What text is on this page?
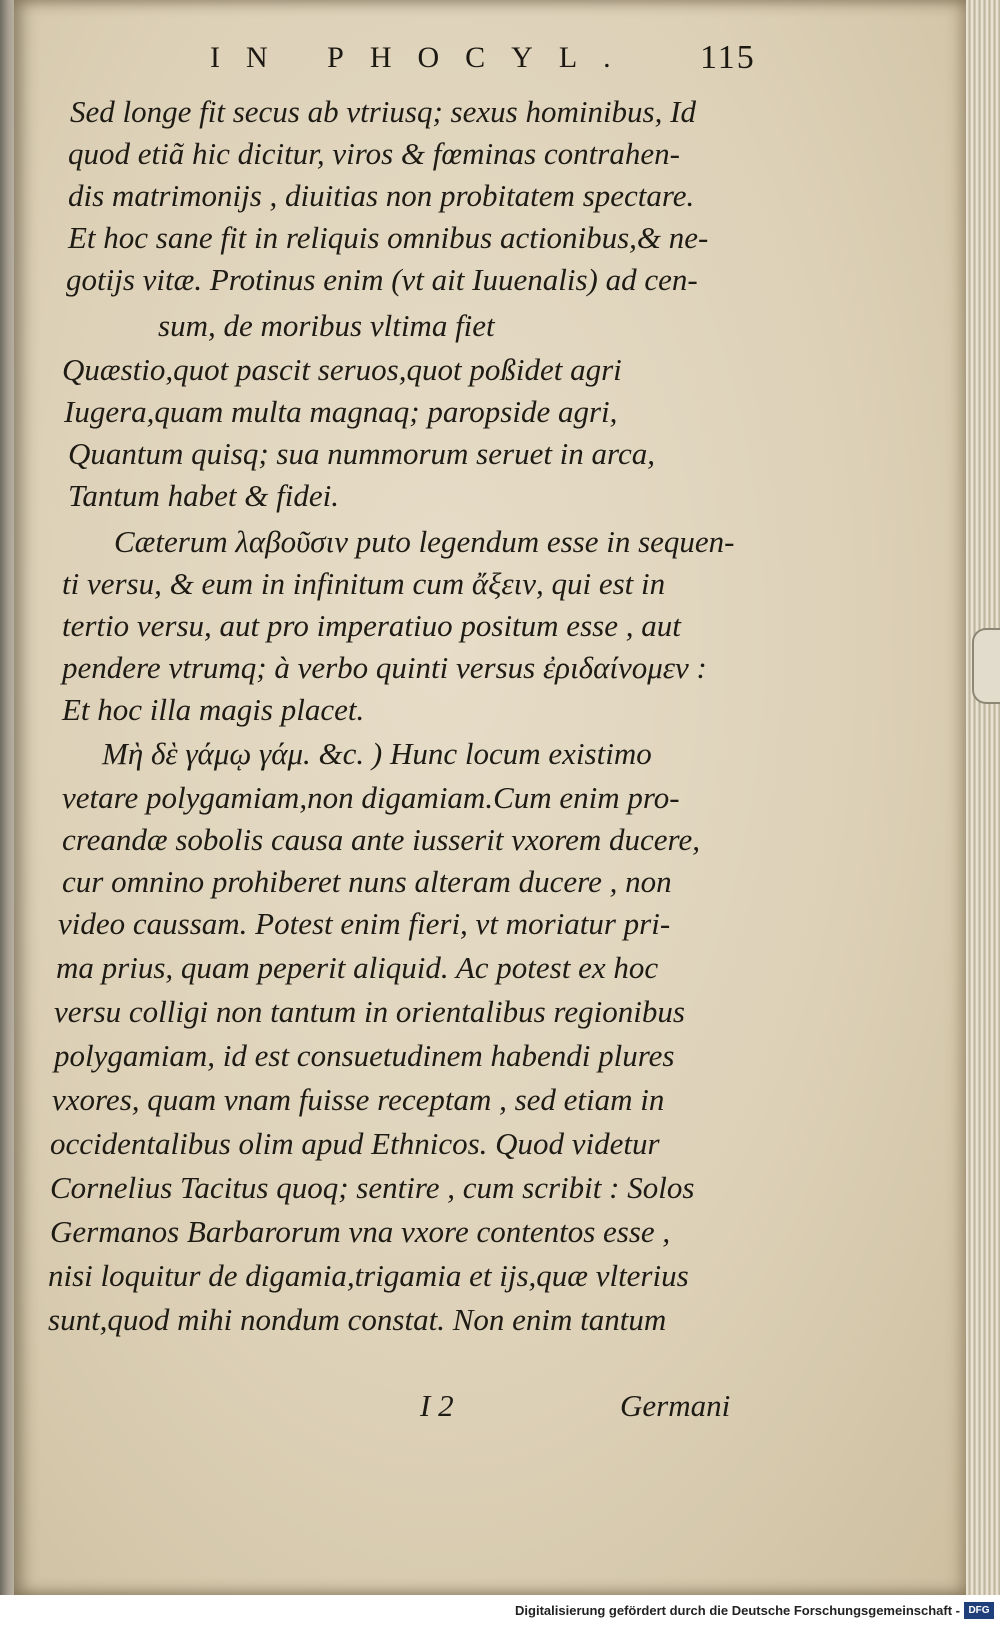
IN PHOCYL. 115
Sed longe fit secus ab vtriusq; sexus hominibus, Id
quod etiã hic dicitur, viros & fœminas contrahen-
dis matrimonijs , diuitias non probitatem spectare.
Et hoc sane fit in reliquis omnibus actionibus,& ne-
gotijs vitæ. Protinus enim (vt ait Iuuenalis) ad cen-
sum, de moribus vltima fiet
Quæstio,quot pascit seruos,quot poßidet agri
Iugera,quam multa magnaq; paropside agri,
Quantum quisq; sua nummorum seruet in arca,
Tantum habet & fidei.
Cæterum λαβοῦσιν puto legendum esse in sequen-
ti versu, & eum in infinitum cum ἄξειν, qui est in
tertio versu, aut pro imperatiuo positum esse , aut
pendere vtrumq; à verbo quinti versus ἐριδαίνομεν :
Et hoc illa magis placet.
Μὴ δὲ γάμῳ γάμ. &c. ) Hunc locum existimo
vetare polygamiam,non digamiam.Cum enim pro-
creandæ sobolis causa ante iusserit vxorem ducere,
cur omnino prohiberet nuns alteram ducere , non
video caussam. Potest enim fieri, vt moriatur pri-
ma prius, quam peperit aliquid. Ac potest ex hoc
versu colligi non tantum in orientalibus regionibus
polygamiam, id est consuetudinem habendi plures
vxores, quam vnam fuisse receptam , sed etiam in
occidentalibus olim apud Ethnicos. Quod videtur
Cornelius Tacitus quoq; sentire , cum scribit : Solos
Germanos Barbarorum vna vxore contentos esse ,
nisi loquitur de digamia,trigamia et ijs,quæ vlterius
sunt,quod mihi nondum constat. Non enim tantum
I 2	Germani
Digitalisierung gefördert durch die Deutsche Forschungsgemeinschaft - DFG
